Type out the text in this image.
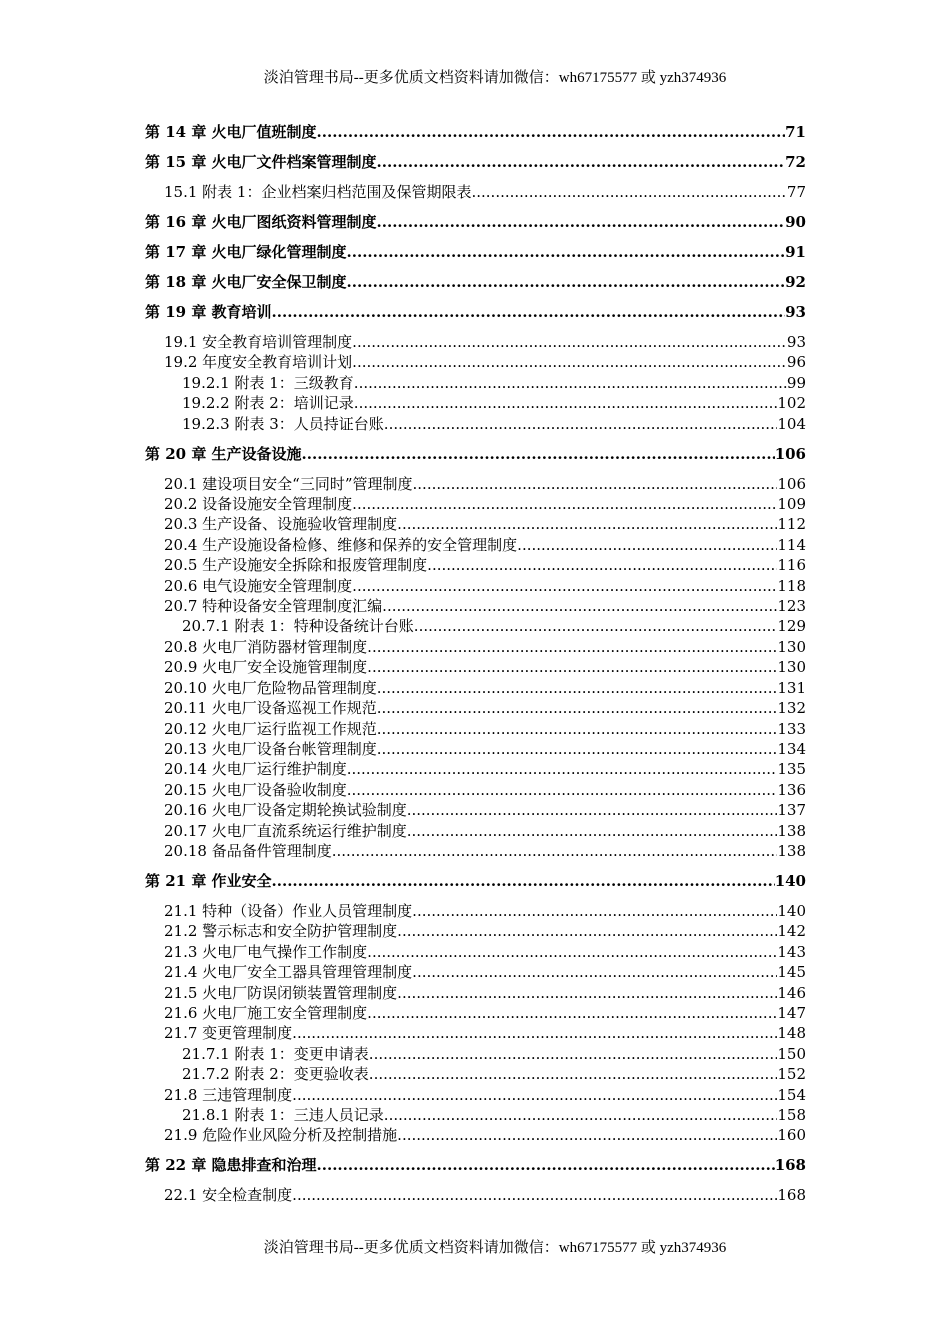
淡泊管理书局--更多优质文档资料请加微信：wh67175577 或 yzh374936
第 14 章 火电厂值班制度 .....	71
第 15 章 火电厂文件档案管理制度 .....	72
15.1 附表 1：企业档案归档范围及保管期限表 .....	77
第 16 章 火电厂图纸资料管理制度 .....	90
第 17 章 火电厂绿化管理制度 .....	91
第 18 章 火电厂安全保卫制度 .....	92
第 19 章 教育培训 .....	93
19.1 安全教育培训管理制度 .....	93
19.2 年度安全教育培训计划 .....	96
19.2.1 附表 1：三级教育 .....	99
19.2.2 附表 2：培训记录 .....	102
19.2.3 附表 3：人员持证台账 .....	104
第 20 章 生产设备设施 .....	106
20.1 建设项目安全“三同时”管理制度 .....	106
20.2 设备设施安全管理制度 .....	109
20.3 生产设备、设施验收管理制度 .....	112
20.4 生产设施设备检修、维修和保养的安全管理制度 .....	114
20.5 生产设施安全拆除和报废管理制度 .....	116
20.6 电气设施安全管理制度 .....	118
20.7 特种设备安全管理制度汇编 .....	123
20.7.1 附表 1：特种设备统计台账 .....	129
20.8 火电厂消防器材管理制度 .....	130
20.9 火电厂安全设施管理制度 .....	130
20.10 火电厂危险物品管理制度 .....	131
20.11 火电厂设备巡视工作规范 .....	132
20.12 火电厂运行监视工作规范 .....	133
20.13 火电厂设备台帐管理制度 .....	134
20.14 火电厂运行维护制度 .....	135
20.15 火电厂设备验收制度 .....	136
20.16 火电厂设备定期轮换试验制度 .....	137
20.17 火电厂直流系统运行维护制度 .....	138
20.18 备品备件管理制度 .....	138
第 21 章 作业安全 .....	140
21.1 特种（设备）作业人员管理制度 .....	140
21.2 警示标志和安全防护管理制度 .....	142
21.3 火电厂电气操作工作制度 .....	143
21.4 火电厂安全工器具管理管理制度 .....	145
21.5 火电厂防误闭锁装置管理制度 .....	146
21.6 火电厂施工安全管理制度 .....	147
21.7 变更管理制度 .....	148
21.7.1 附表 1：变更申请表 .....	150
21.7.2 附表 2：变更验收表 .....	152
21.8 三违管理制度 .....	154
21.8.1 附表 1：三违人员记录 .....	158
21.9 危险作业风险分析及控制措施 .....	160
第 22 章 隐患排查和治理 .....	168
22.1 安全检查制度 .....	168
淡泊管理书局--更多优质文档资料请加微信：wh67175577 或 yzh374936
